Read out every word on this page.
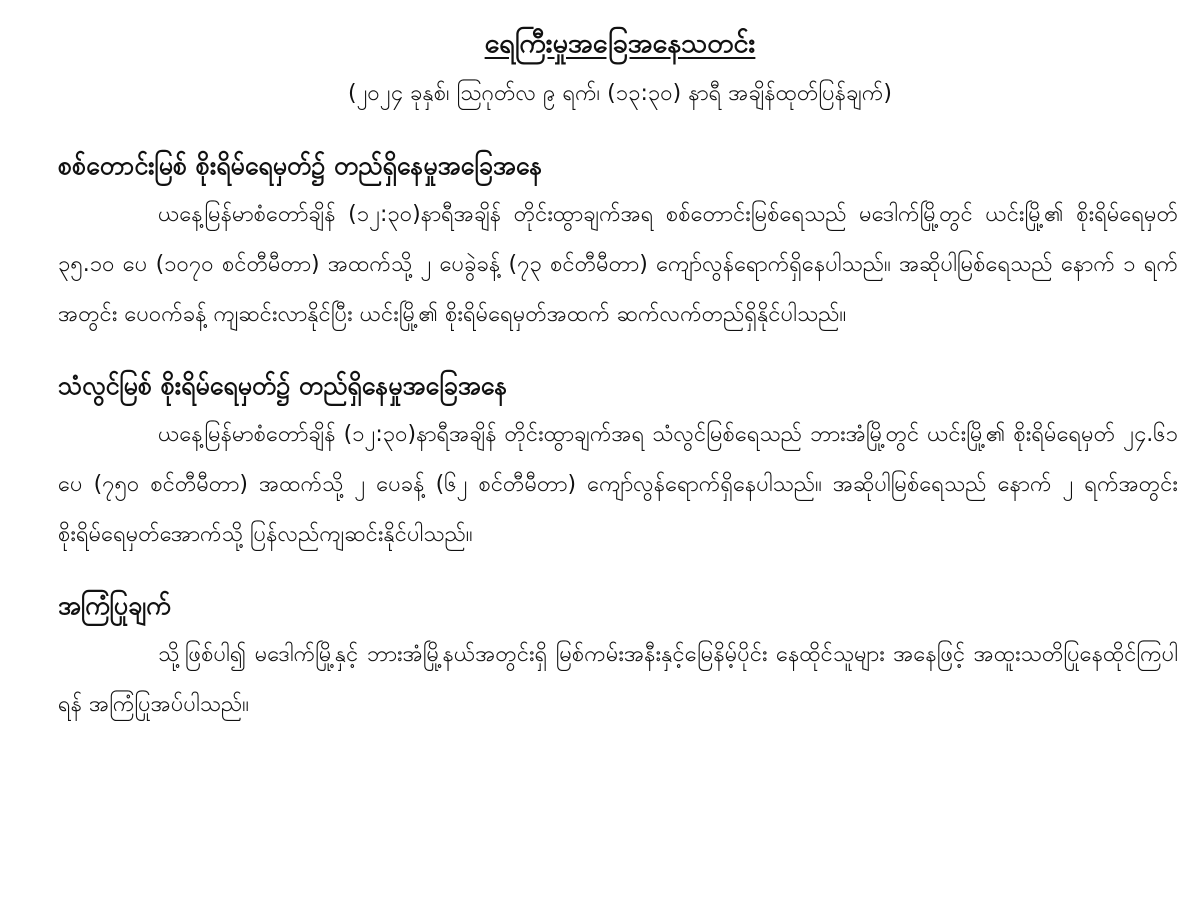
ရေကြီးမှုအခြေအနေသတင်း
(၂၀၂၄ ခုနှစ်၊ ဩဂုတ်လ ၉ ရက်၊ (၁၃:၃၀) နာရီ အချိန်ထုတ်ပြန်ချက်)
စစ်တောင်းမြစ် စိုးရိမ်ရေမှတ်၌ တည်ရှိနေမှုအခြေအနေ
ယနေ့မြန်မာစံတော်ချိန် (၁၂:၃၀)နာရီအချိန် တိုင်းထွာချက်အရ စစ်တောင်းမြစ်ရေသည် မဒေါက်မြို့တွင် ယင်းမြို့၏ စိုးရိမ်ရေမှတ် ၃၅.၁၀ ပေ (၁၀၇၀ စင်တီမီတာ) အထက်သို့ ၂ ပေခွဲခန့် (၇၃ စင်တီမီတာ) ကျော်လွန်ရောက်ရှိနေပါသည်။ အဆိုပါမြစ်ရေသည် နောက် ၁ ရက်အတွင်း ပေဝက်ခန့် ကျဆင်းလာနိုင်ပြီး ယင်းမြို့၏ စိုးရိမ်ရေမှတ်အထက် ဆက်လက်တည်ရှိနိုင်ပါသည်။
သံလွင်မြစ် စိုးရိမ်ရေမှတ်၌ တည်ရှိနေမှုအခြေအနေ
ယနေ့မြန်မာစံတော်ချိန် (၁၂:၃၀)နာရီအချိန် တိုင်းထွာချက်အရ သံလွင်မြစ်ရေသည် ဘားအံမြို့တွင် ယင်းမြို့၏ စိုးရိမ်ရေမှတ် ၂၄.၆၁ ပေ (၇၅၀ စင်တီမီတာ) အထက်သို့ ၂ ပေခန့် (၆၂ စင်တီမီတာ) ကျော်လွန်ရောက်ရှိနေပါသည်။ အဆိုပါမြစ်ရေသည် နောက် ၂ ရက်အတွင်း စိုးရိမ်ရေမှတ်အောက်သို့ ပြန်လည်ကျဆင်းနိုင်ပါသည်။
အကြံပြုချက်
သို့ဖြစ်ပါ၍ မဒေါက်မြို့နှင့် ဘားအံမြို့နယ်အတွင်းရှိ မြစ်ကမ်းအနီးနှင့်မြေနိမ့်ပိုင်း နေထိုင်သူများ အနေဖြင့် အထူးသတိပြုနေထိုင်ကြပါရန် အကြံပြုအပ်ပါသည်။
